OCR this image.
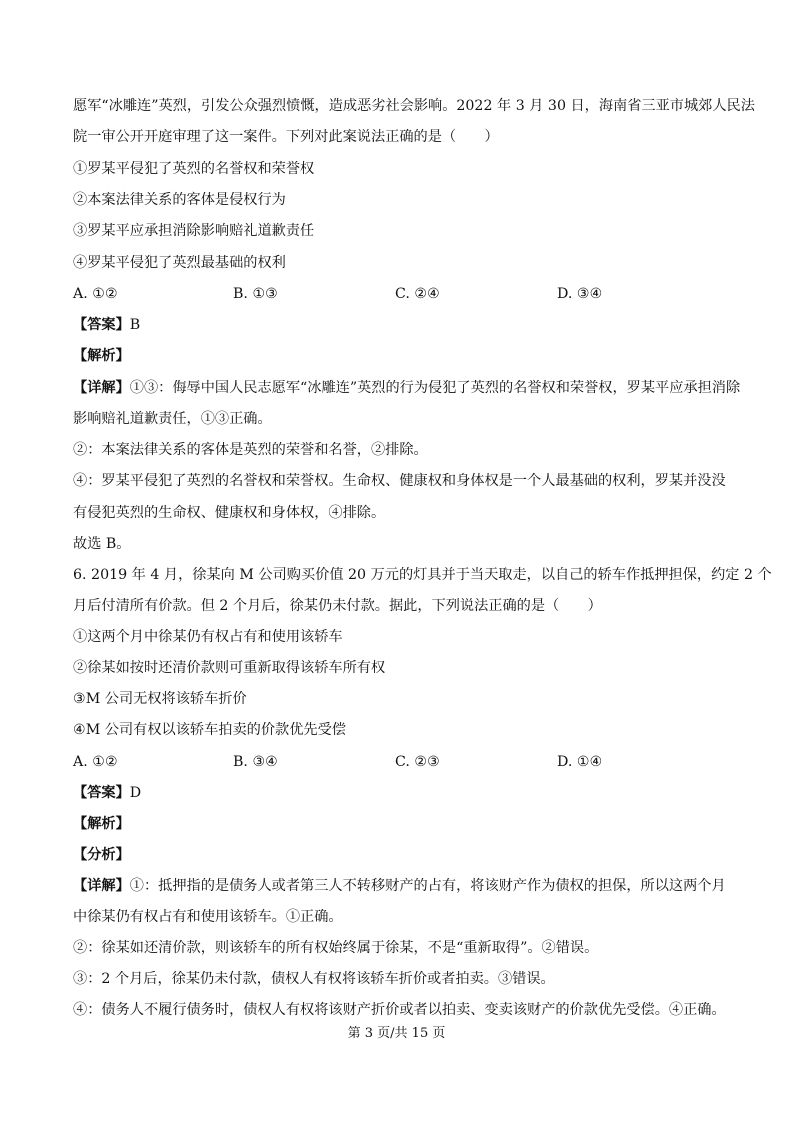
愿军“冰雕连”英烈，引发公众强烈愤慨，造成恶劣社会影响。2022 年 3 月 30 日，海南省三亚市城郊人民法
院一审公开开庭审理了这一案件。下列对此案说法正确的是（　　）
①罗某平侵犯了英烈的名誉权和荣誉权
②本案法律关系的客体是侵权行为
③罗某平应承担消除影响赔礼道歉责任
④罗某平侵犯了英烈最基础的权利
A. ①②	B. ①③	C. ②④	D. ③④
【答案】B
【解析】
【详解】①③：侮辱中国人民志愿军“冰雕连”英烈的行为侵犯了英烈的名誉权和荣誉权，罗某平应承担消除
影响赔礼道歉责任，①③正确。
②：本案法律关系的客体是英烈的荣誉和名誉，②排除。
④：罗某平侵犯了英烈的名誉权和荣誉权。生命权、健康权和身体权是一个人最基础的权利，罗某并没没
有侵犯英烈的生命权、健康权和身体权，④排除。
故选 B。
6. 2019 年 4 月，徐某向 M 公司购买价值 20 万元的灯具并于当天取走，以自己的轿车作抵押担保，约定 2 个
月后付清所有价款。但 2 个月后，徐某仍未付款。据此，下列说法正确的是（　　）
①这两个月中徐某仍有权占有和使用该轿车
②徐某如按时还清价款则可重新取得该轿车所有权
③M 公司无权将该轿车折价
④M 公司有权以该轿车拍卖的价款优先受偿
A. ①②	B. ③④	C. ②③	D. ①④
【答案】D
【解析】
【分析】
【详解】①：抵押指的是债务人或者第三人不转移财产的占有，将该财产作为债权的担保，所以这两个月
中徐某仍有权占有和使用该轿车。①正确。
②：徐某如还清价款，则该轿车的所有权始终属于徐某，不是“重新取得”。②错误。
③：2 个月后，徐某仍未付款，债权人有权将该轿车折价或者拍卖。③错误。
④：债务人不履行债务时，债权人有权将该财产折价或者以拍卖、变卖该财产的价款优先受偿。④正确。
第 3 页/共 15 页
